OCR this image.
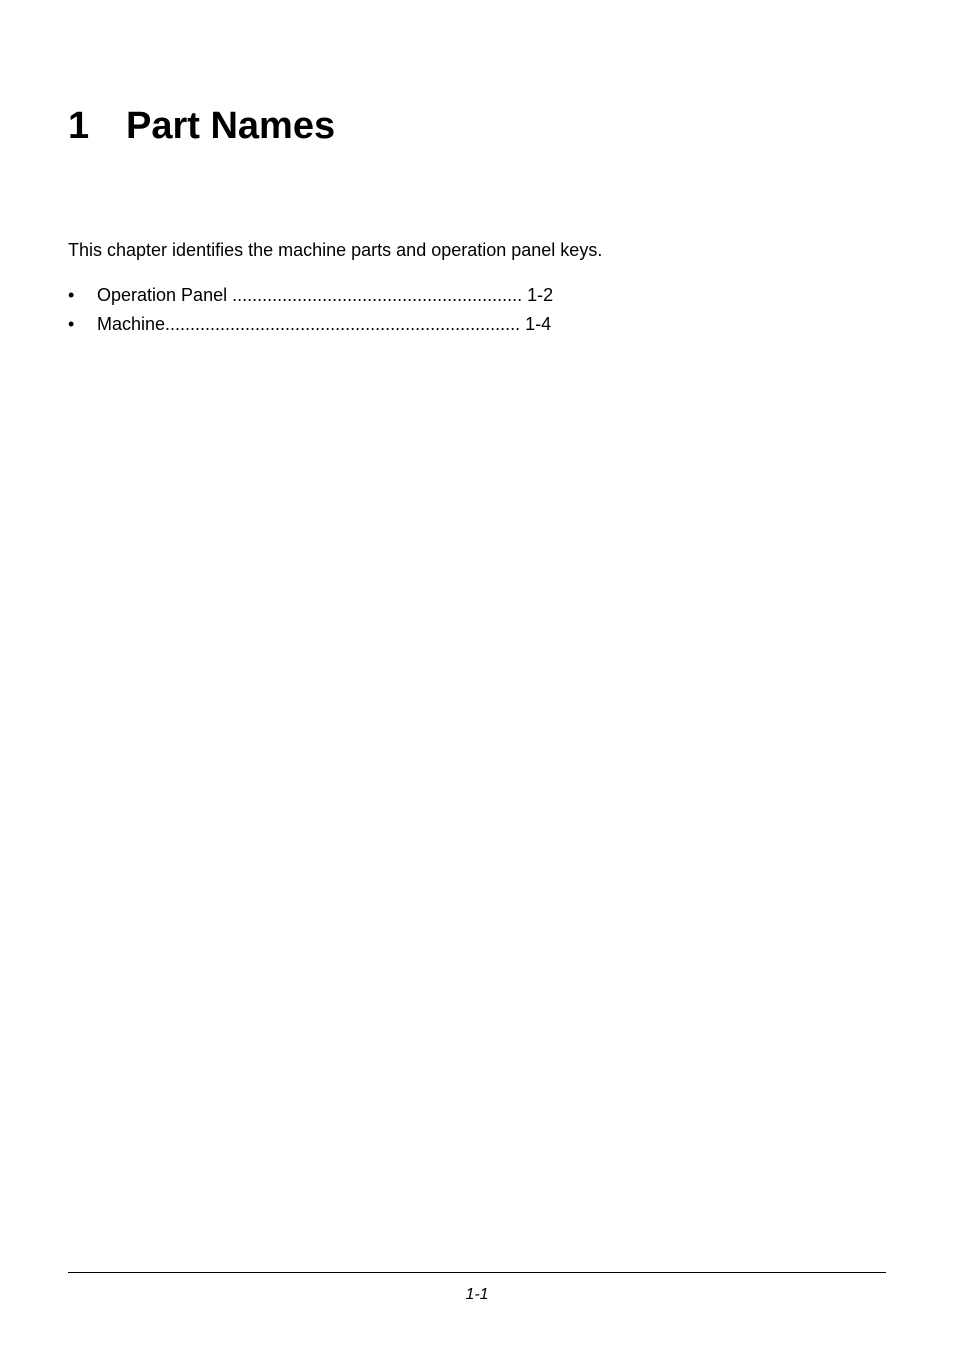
1 Part Names

This chapter identifies the machine parts and operation panel keys.

•	Operation Panel .......................................................... 1-2
•	Machine....................................................................... 1-4
1-1
